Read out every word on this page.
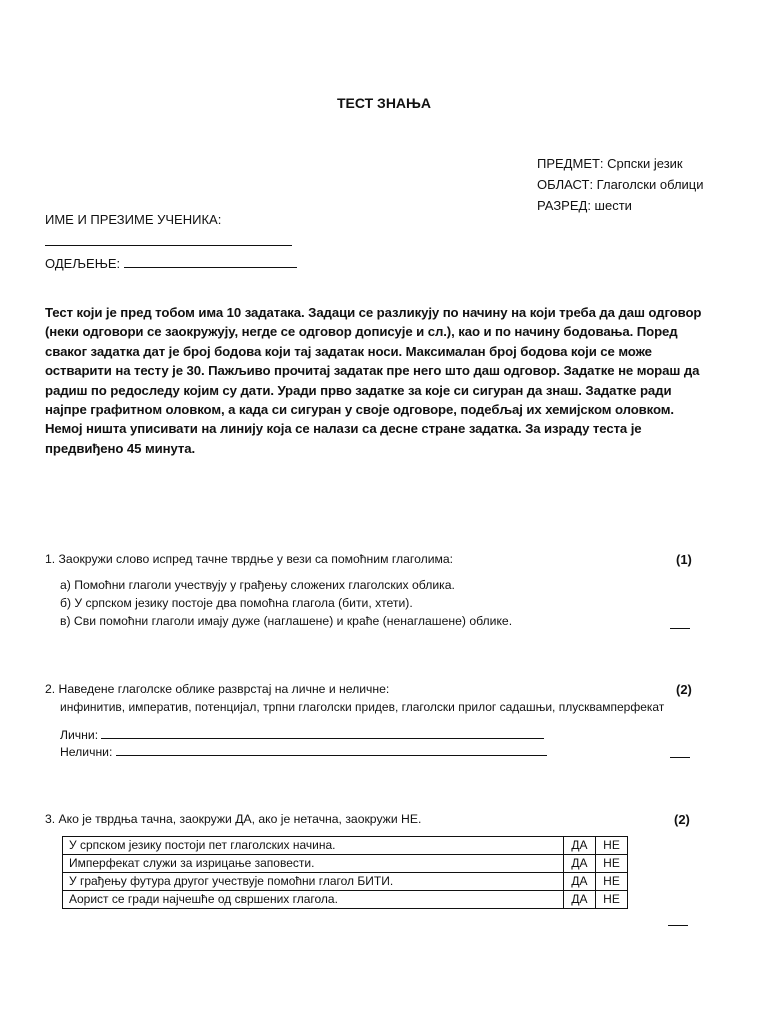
ТЕСТ ЗНАЊА
ПРЕДМЕТ: Српски језик
ОБЛАСТ: Глаголски облици
РАЗРЕД: шести
ИМЕ И ПРЕЗИМЕ УЧЕНИКА:
ОДЕЉЕЊЕ:
Тест који је пред тобом има 10 задатака. Задаци се разликују по начину на који треба да даш одговор (неки одговори се заокружују, негде се одговор дописује и сл.), као и по начину бодовања. Поред сваког задатка дат је број бодова који тај задатак носи. Максималан број бодова који се може остварити на тесту је 30. Пажљиво прочитај задатак пре него што даш одговор. Задатке не мораш да радиш по редоследу којим су дати. Уради прво задатке за које си сигуран да знаш. Задатке ради најпре графитном оловком, а када си сигуран у своје одговоре, подебљај их хемијском оловком. Немој ништа уписивати на линију која се налази са десне стране задатка. За израду теста је предвиђено 45 минута.
1. Заокружи слово испред тачне тврдње у вези са помоћним глаголима:	(1)
а) Помоћни глаголи учествују у грађењу сложених глаголских облика.
б) У српском језику постоје два помоћна глагола (бити, хтети).
в) Сви помоћни глаголи имају дуже (наглашене) и краће (ненаглашене) облике.
2. Наведене глаголске облике разврстај на личне и неличне:	(2)
инфинитив, императив, потенцијал, трпни глаголски придев, глаголски прилог садашњи, плусквамперфекат
Лични:
Нелични:
3. Ако је тврдња тачна, заокружи ДА, ако је нетачна, заокружи НЕ.	(2)
У српском језику постоји пет глаголских начина.	ДА	НЕ
Имперфекат служи за изрицање заповести.	ДА	НЕ
У грађењу футура другог учествује помоћни глагол БИТИ.	ДА	НЕ
Аорист се гради најчешће од свршених глагола.	ДА	НЕ
